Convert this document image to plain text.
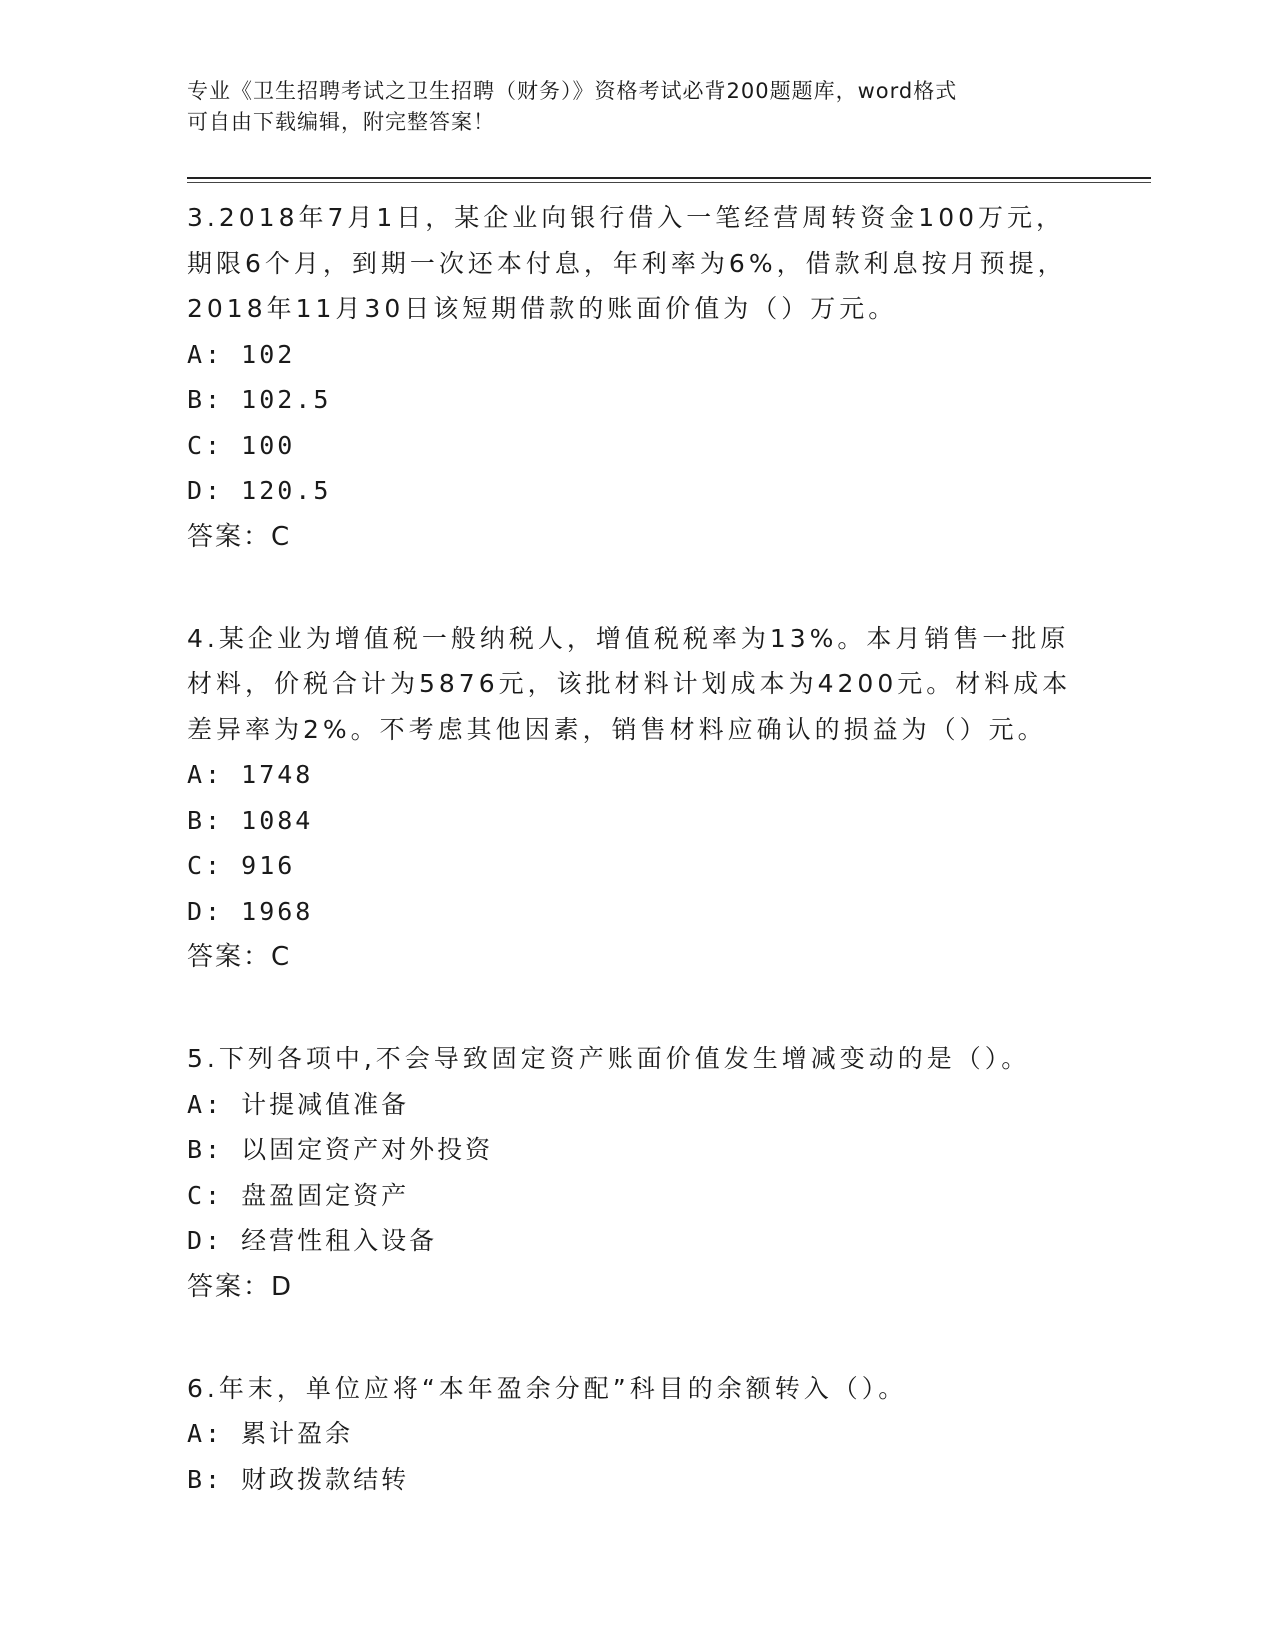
专业《卫生招聘考试之卫生招聘（财务）》资格考试必背200题题库，word格式
可自由下载编辑，附完整答案！

3.2018年7月1日，某企业向银行借入一笔经营周转资金100万元，期限6个月，到期一次还本付息，年利率为6%，借款利息按月预提，2018年11月30日该短期借款的账面价值为（）万元。

A: 102

B: 102.5

C: 100

D: 120.5

答案：C

4.某企业为增值税一般纳税人，增值税税率为13%。本月销售一批原材料，价税合计为5876元，该批材料计划成本为4200元。材料成本差异率为2%。不考虑其他因素，销售材料应确认的损益为（）元。

A: 1748

B: 1084

C: 916

D: 1968

答案：C

5.下列各项中,不会导致固定资产账面价值发生增减变动的是（）。

A: 计提减值准备

B: 以固定资产对外投资

C: 盘盈固定资产

D: 经营性租入设备

答案：D

6.年末，单位应将“本年盈余分配”科目的余额转入（）。

A: 累计盈余

B: 财政拨款结转
